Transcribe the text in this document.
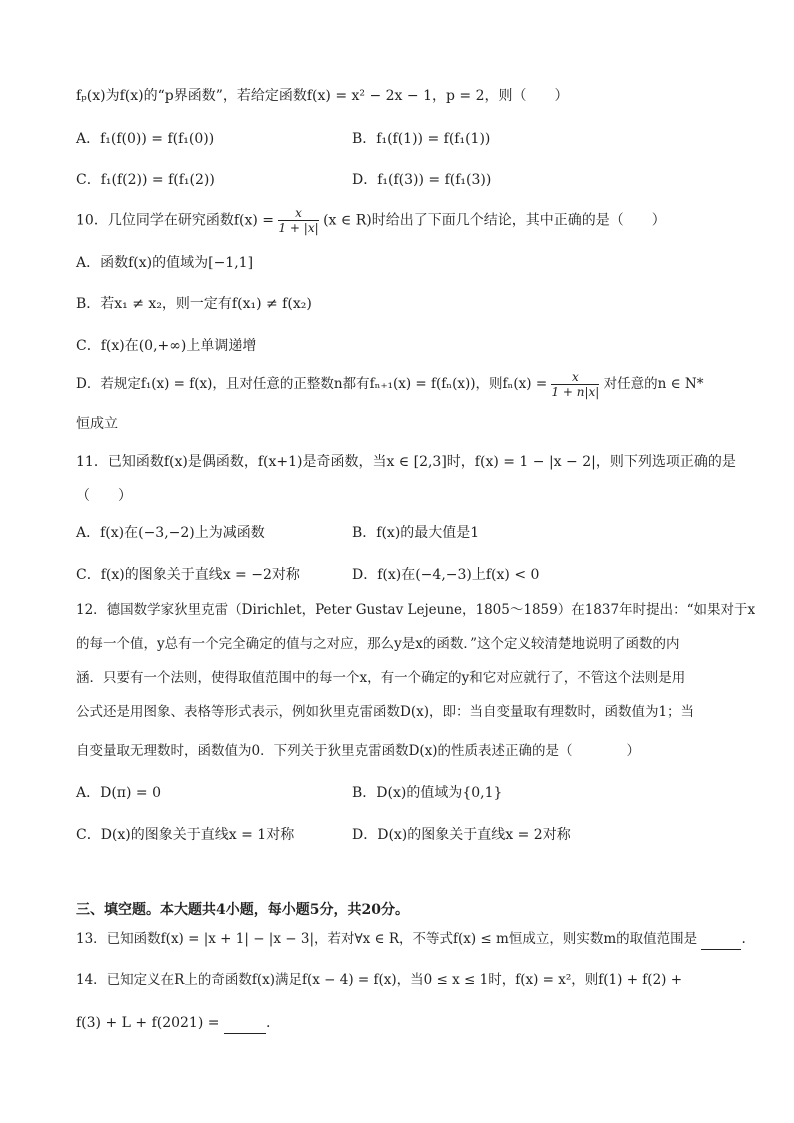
fₚ(x)为f(x)的“p界函数”，若给定函数f(x) = x² − 2x − 1，p = 2，则（　　）
A．f₁(f(0)) = f(f₁(0))	B．f₁(f(1)) = f(f₁(1))
C．f₁(f(2)) = f(f₁(2))	D．f₁(f(3)) = f(f₁(3))
10．几位同学在研究函数$f(x) = \frac{x}{1 + |x|} (x$ ∈ R)时给出了下面几个结论，其中正确的是（　　）
A．函数f(x)的值域为[−1,1]
B．若x₁ ≠ x₂，则一定有f(x₁) ≠ f(x₂)
C．f(x)在(0,+∞)上单调递增
D．若规定f₁(x) = f(x)，且对任意的正整数n都有fₙ₊₁(x) = f(fₙ(x))，则$f_n(x) = \frac{x}{1 + n|x|}$ 对任意的n ∈ N*
恒成立
11．已知函数f(x)是偶函数，f(x+1)是奇函数，当x ∈ [2,3]时，f(x) = 1 − |x − 2|，则下列选项正确的是
（　　）
A．f(x)在(−3,−2)上为减函数	B．f(x)的最大值是1
C．f(x)的图象关于直线x = −2对称	D．f(x)在(−4,−3)上f(x) < 0
12．德国数学家狄里克雷（Dirichlet，Peter Gustav Lejeune，1805～1859）在1837年时提出：“如果对于x
的每一个值，y总有一个完全确定的值与之对应，那么y是x的函数．”这个定义较清楚地说明了函数的内
涵．只要有一个法则，使得取值范围中的每一个x，有一个确定的y和它对应就行了，不管这个法则是用
公式还是用图象、表格等形式表示，例如狄里克雷函数D(x)，即：当自变量取有理数时，函数值为1；当
自变量取无理数时，函数值为0．下列关于狄里克雷函数D(x)的性质表述正确的是（　　　　）
A．D(π) = 0	B．D(x)的值域为{0,1}
C．D(x)的图象关于直线x = 1对称	D．D(x)的图象关于直线x = 2对称
三、填空题。本大题共4小题，每小题5分，共20分。
13．已知函数f(x) = |x + 1| − |x − 3|，若对∀x ∈ R，不等式f(x) ≤ m恒成立，则实数m的取值范围是	.
14．已知定义在R上的奇函数f(x)满足f(x − 4) = f(x)，当0 ≤ x ≤ 1时，f(x) = x²，则f(1) + f(2) +
f(3) + L + f(2021) =	.
